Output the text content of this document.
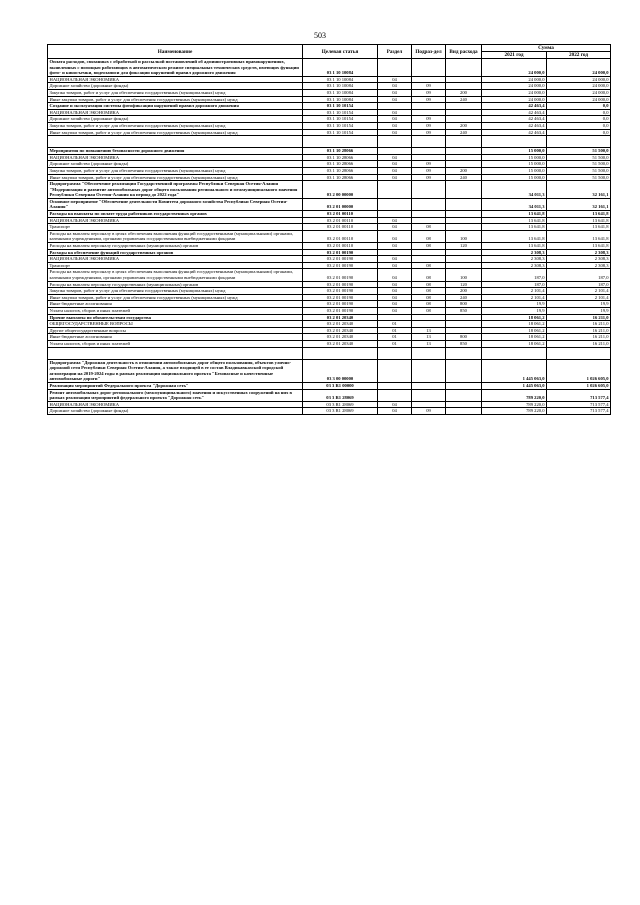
503
Наименование	Целевая статья	Раздел	Подраз-дел	Вид расхода	Сумма	
					2021 год	2022 год
Оплата расходов, связанных с обработкой и рассылкой постановлений об административных правонарушениях, выявленных с помощью работающих в автоматическом режиме специальных технических средств, имеющих функции фото- и киносъемки, видеозаписи для фиксации нарушений правил дорожного движения	03 1 10 10084				24 000,0	24 000,0
НАЦИОНАЛЬНАЯ ЭКОНОМИКА	03 1 10 10084	04			24 000,0	24 000,0
Дорожное хозяйство (дорожные фонды)	03 1 10 10084	04	09		24 000,0	24 000,0
Закупка товаров, работ и услуг для обеспечения государственных (муниципальных) нужд	03 1 10 10084	04	09	200	24 000,0	24 000,0
Иные закупки товаров, работ и услуг для обеспечения государственных (муниципальных) нужд	03 1 10 10084	04	09	240	24 000,0	24 000,0
Создание и эксплуатация системы фотофиксации нарушений правил дорожного движения	03 1 10 10154				42 463,4	0,0
НАЦИОНАЛЬНАЯ ЭКОНОМИКА	03 1 10 10154	04			42 463,4	0,0
Дорожное хозяйство (дорожные фонды)	03 1 10 10154	04	09		42 463,4	0,0
Закупка товаров, работ и услуг для обеспечения государственных (муниципальных) нужд	03 1 10 10154	04	09	200	42 463,4	0,0
Иные закупки товаров, работ и услуг для обеспечения государственных (муниципальных) нужд	03 1 10 10154	04	09	240	42 463,4	0,0

Мероприятия по повышению безопасности дорожного движения	03 1 10 28066				15 000,0	51 500,0
НАЦИОНАЛЬНАЯ ЭКОНОМИКА	03 1 10 28066	04			15 000,0	51 500,0
Дорожное хозяйство (дорожные фонды)	03 1 10 28066	04	09		15 000,0	51 500,0
Закупка товаров, работ и услуг для обеспечения государственных (муниципальных) нужд	03 1 10 28066	04	09	200	15 000,0	51 500,0
Иные закупки товаров, работ и услуг для обеспечения государственных (муниципальных) нужд	03 1 10 28066	04	09	240	15 000,0	51 500,0
Подпрограмма "Обеспечение реализации Государственной программы Республики Северная Осетия-Алания "Модернизация и развитие автомобильных дорог общего пользования регионального и межмуниципального значения Республики Северная Осетия-Алания на период до 2022 года"	03 2 00 00000				34 011,3	32 161,1
Основное мероприятие "Обеспечение деятельности Комитета дорожного хозяйства Республики Северная Осетия-Алания"	03 2 01 00000				34 011,3	32 161,1
Расходы на выплаты по оплате труда работников государственных органов	03 2 01 00110				13 641,8	13 641,8
НАЦИОНАЛЬНАЯ ЭКОНОМИКА	03 2 01 00110	04			13 641,8	13 641,8
Транспорт	03 2 01 00110	04	08		13 641,8	13 641,8
Расходы на выплаты персоналу в целях обеспечения выполнения функций государственными (муниципальными) органами, казенными учреждениями, органами управления государственными внебюджетными фондами	03 2 01 00110	04	08	100	13 641,8	13 641,8
Расходы на выплаты персоналу государственных (муниципальных) органов	03 2 01 00110	04	08	120	13 641,8	13 641,8
Расходы на обеспечение функций государственных органов	03 2 01 00190				2 308,3	2 308,3
НАЦИОНАЛЬНАЯ ЭКОНОМИКА	03 2 01 00190	04			2 308,3	2 308,3
Транспорт	03 2 01 00190	04	08		2 308,3	2 308,3
Расходы на выплаты персоналу в целях обеспечения выполнения функций государственными (муниципальными) органами, казенными учреждениями, органами управления государственными внебюджетными фондами	03 2 01 00190	04	08	100	187,0	187,0
Расходы на выплаты персоналу государственных (муниципальных) органов	03 2 01 00190	04	08	120	187,0	187,0
Закупка товаров, работ и услуг для обеспечения государственных (муниципальных) нужд	03 2 01 00190	04	08	200	2 101,4	2 101,4
Иные закупки товаров, работ и услуг для обеспечения государственных (муниципальных) нужд	03 2 01 00190	04	08	240	2 101,4	2 101,4
Иные бюджетные ассигнования	03 2 01 00190	04	08	800	19,9	19,9
Уплата налогов, сборов и иных платежей	03 2 01 00190	04	08	850	19,9	19,9
Прочие выплаты по обязательствам государства	03 2 01 20340				18 061,2	16 211,0
ОБЩЕГОСУДАРСТВЕННЫЕ ВОПРОСЫ	03 2 01 20340	01			18 061,2	16 211,0
Другие общегосударственные вопросы	03 2 01 20340	01	13		18 061,2	16 211,0
Иные бюджетные ассигнования	03 2 01 20340	01	13	800	18 061,2	16 211,0
Уплата налогов, сборов и иных платежей	03 2 01 20340	01	13	850	18 061,2	16 211,0

Подпрограмма "Дорожная деятельность в отношении автомобильных дорог общего пользования, объектов улично-дорожной сети Республики Северная Осетия-Алания, а также входящей в ее состав Владикавказской городской агломерации на 2019-2024 годы в рамках реализации национального проекта "Безопасные и качественные автомобильные дороги"	03 3 00 00000				1 445 063,0	1 026 605,0
Реализация мероприятий Федерального проекта "Дорожная сеть"	03 3 R1 00000				1 445 063,0	1 026 605,0
Ремонт автомобильных дорог регионального (межмуниципального) значения и искусственных сооружений на них в рамках реализации мероприятий федерального проекта "Дорожная сеть"	03 3 R1 28069				789 220,0	713 577,4
НАЦИОНАЛЬНАЯ ЭКОНОМИКА	03 3 R1 28069	04			789 220,0	713 577,4
Дорожное хозяйство (дорожные фонды)	03 3 R1 28069	04	09		789 220,0	713 577,4
